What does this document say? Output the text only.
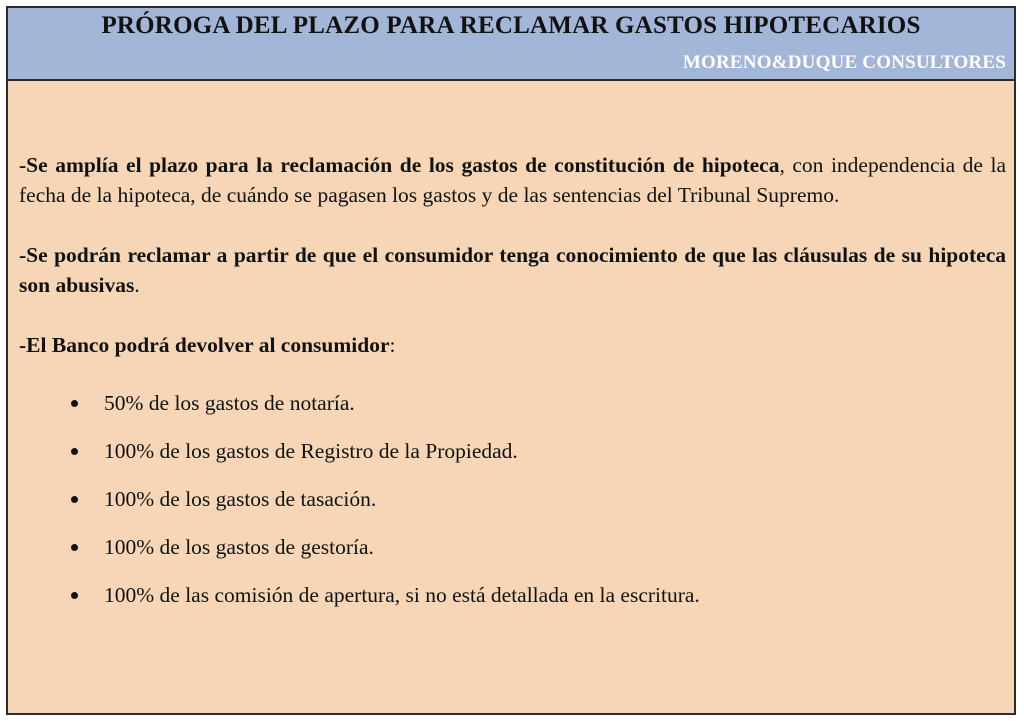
PRÓROGA DEL PLAZO PARA RECLAMAR GASTOS HIPOTECARIOS
MORENO&DUQUE CONSULTORES

-Se amplía el plazo para la reclamación de los gastos de constitución de hipoteca, con independencia de la fecha de la hipoteca, de cuándo se pagasen los gastos y de las sentencias del Tribunal Supremo.

-Se podrán reclamar a partir de que el consumidor tenga conocimiento de que las cláusulas de su hipoteca son abusivas.

-El Banco podrá devolver al consumidor:

50% de los gastos de notaría.
100% de los gastos de Registro de la Propiedad.
100% de los gastos de tasación.
100% de los gastos de gestoría.
100% de las comisión de apertura, si no está detallada en la escritura.
